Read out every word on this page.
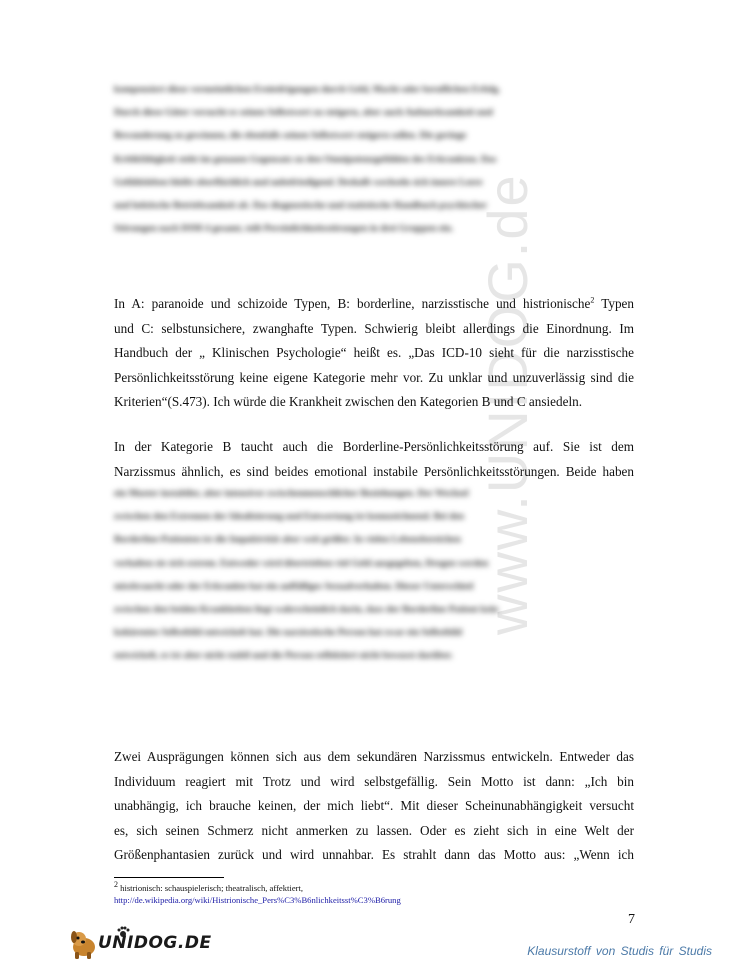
www.UNIDOG.de
kompensiert diese vermeintlichen Erniedrigungen durch Geld, Macht oder beruflichen Erfolg.
Durch diese Güter versucht es seinen Selbstwert zu steigern, aber auch Aufmerksamkeit und
Bewunderung zu gewinnen, die ebenfalls seinen Selbstwert steigern sollen. Die geringe
Kritikfähigkeit steht im genauen Gegensatz zu den Omnipotenzgefühlen des Erkrankten. Das
Gefühlsleben bleibt oberflächlich und unbefriedigend. Deshalb wechseln sich innere Leere
und hektische Betriebsamkeit ab. Das diagnostische und statistische Handbuch psychischer
Störungen nach DSM 4 gesamt, teilt Persönlichkeitsstörungen in drei Gruppen ein.
In A: paranoide und schizoide Typen, B: borderline, narzisstische und histrionische$^2$ Typen
und C: selbstunsichere, zwanghafte Typen. Schwierig bleibt allerdings die Einordnung. Im
Handbuch der „ Klinischen Psychologie“ heißt es. „Das ICD-10 sieht für die narzisstische
Persönlichkeitsstörung keine eigene Kategorie mehr vor. Zu unklar und unzuverlässig sind die
Kriterien“(S.473). Ich würde die Krankheit zwischen den Kategorien B und C ansiedeln.
In der Kategorie B taucht auch die Borderline-Persönlichkeitsstörung auf. Sie ist dem
Narzissmus ähnlich, es sind beides emotional instabile Persönlichkeitsstörungen. Beide haben
ein Muster instabiler, aber intensiver zwischenmenschlicher Beziehungen. Der Wechsel
zwischen den Extremen der Idealisierung und Entwertung ist kennzeichnend. Bei den
Borderline-Patienten ist die Impulsivität aber weit größer. In vielen Lebensbereichen
verhalten sie sich extrem. Entweder wird übertrieben viel Geld ausgegeben, Drogen werden
missbraucht oder der Erkrankte hat ein auffälliges Sexualverhalten. Dieser Unterschied
zwischen den beiden Krankheiten liegt wahrscheinlich darin, dass der Borderline Patient kein
kohärentes Selbstbild entwickelt hat. Die narzisstische Person hat zwar ein Selbstbild
entwickelt, es ist aber nicht stabil und die Person reflektiert nicht bewusst darüber.
Zwei Ausprägungen können sich aus dem sekundären Narzissmus entwickeln. Entweder das
Individuum reagiert mit Trotz und wird selbstgefällig. Sein Motto ist dann: „Ich bin
unabhängig, ich brauche keinen, der mich liebt“. Mit dieser Scheinunabhängigkeit versucht
es, sich seinen Schmerz nicht anmerken zu lassen. Oder es zieht sich in eine Welt der
Größenphantasien zurück und wird unnahbar. Es strahlt dann das Motto aus: „Wenn ich
$^2$ histrionisch: schauspielerisch; theatralisch, affektiert,
http://de.wikipedia.org/wiki/Histrionische_Pers%C3%B6nlichkeitsst%C3%B6rung
7
UNIDOG.DE	Klausurstoff von Studis für Studis
